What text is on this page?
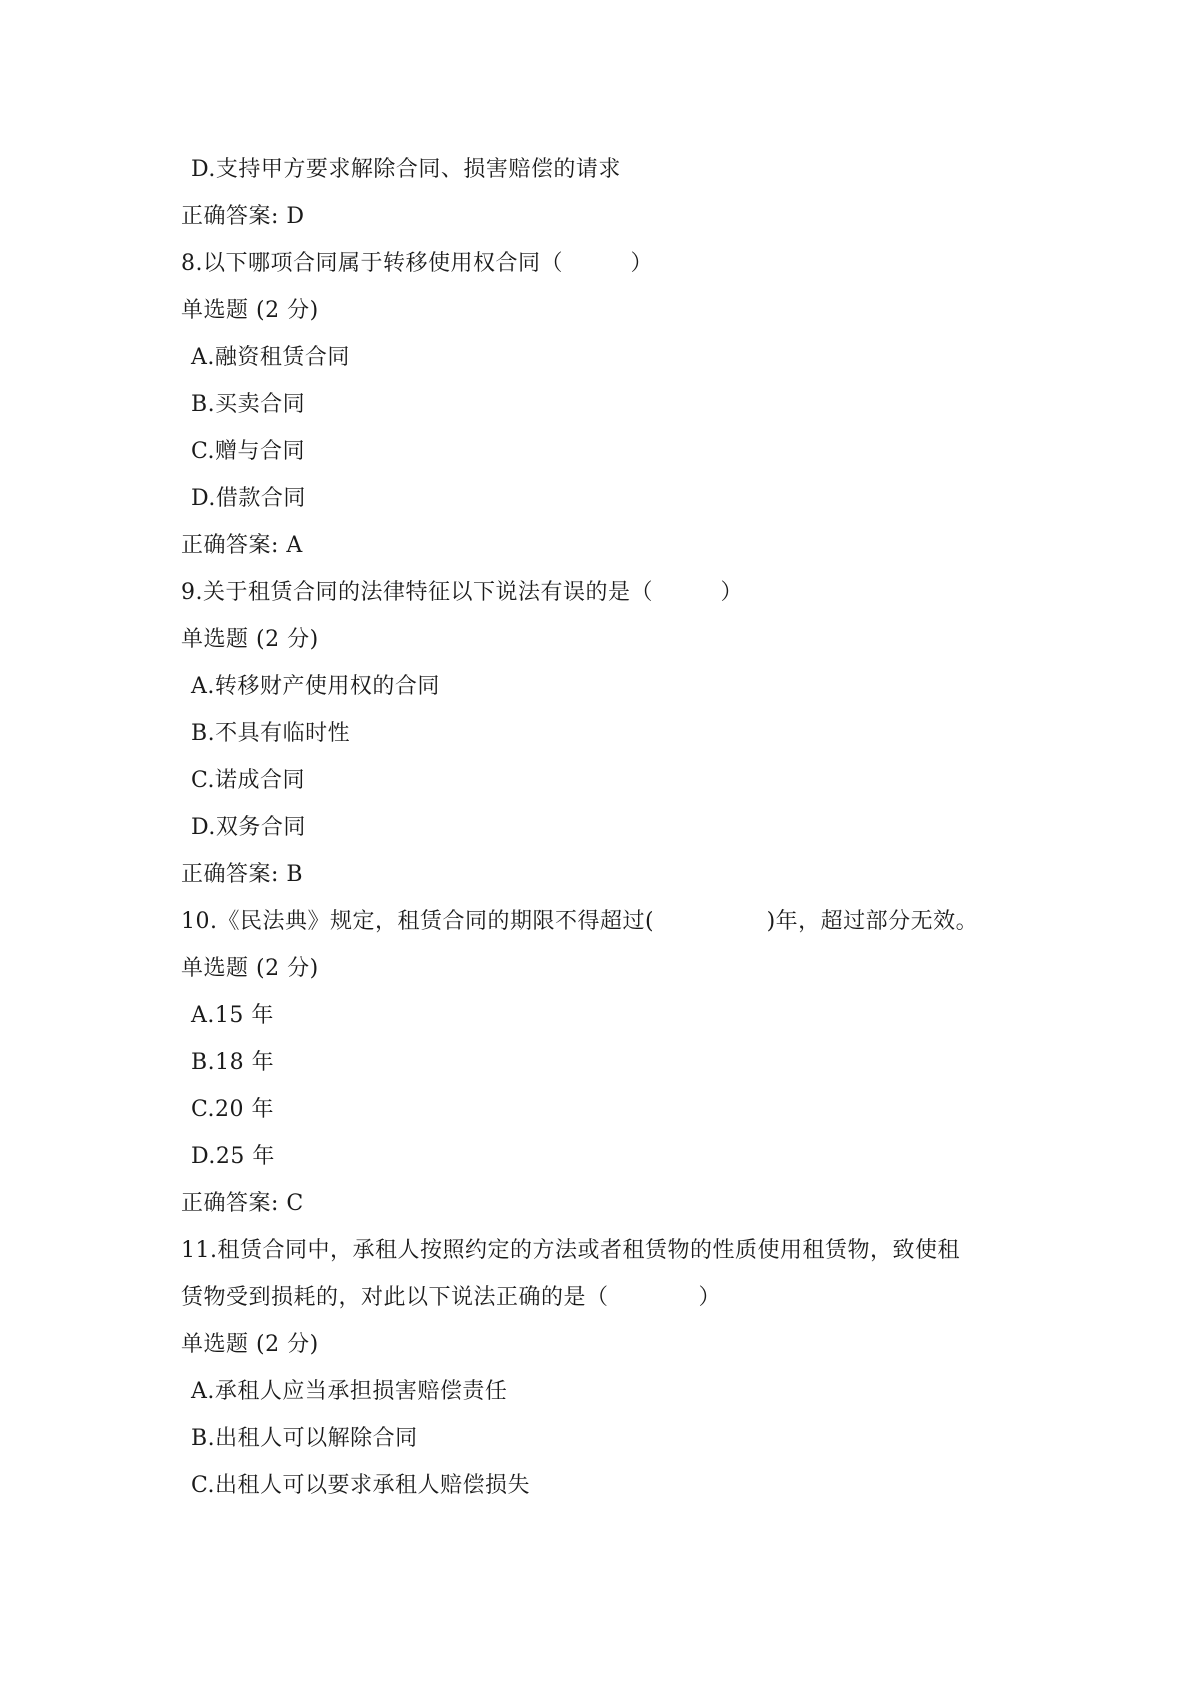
D.支持甲方要求解除合同、损害赔偿的请求
正确答案: D
8.以下哪项合同属于转移使用权合同（　　　）
单选题 (2 分)
A.融资租赁合同
B.买卖合同
C.赠与合同
D.借款合同
正确答案: A
9.关于租赁合同的法律特征以下说法有误的是（　　　）
单选题 (2 分)
A.转移财产使用权的合同
B.不具有临时性
C.诺成合同
D.双务合同
正确答案: B
10.《民法典》规定，租赁合同的期限不得超过(　　　　　)年，超过部分无效。
单选题 (2 分)
A.15 年
B.18 年
C.20 年
D.25 年
正确答案: C
11.租赁合同中，承租人按照约定的方法或者租赁物的性质使用租赁物，致使租
赁物受到损耗的，对此以下说法正确的是（　　　　）
单选题 (2 分)
A.承租人应当承担损害赔偿责任
B.出租人可以解除合同
C.出租人可以要求承租人赔偿损失
